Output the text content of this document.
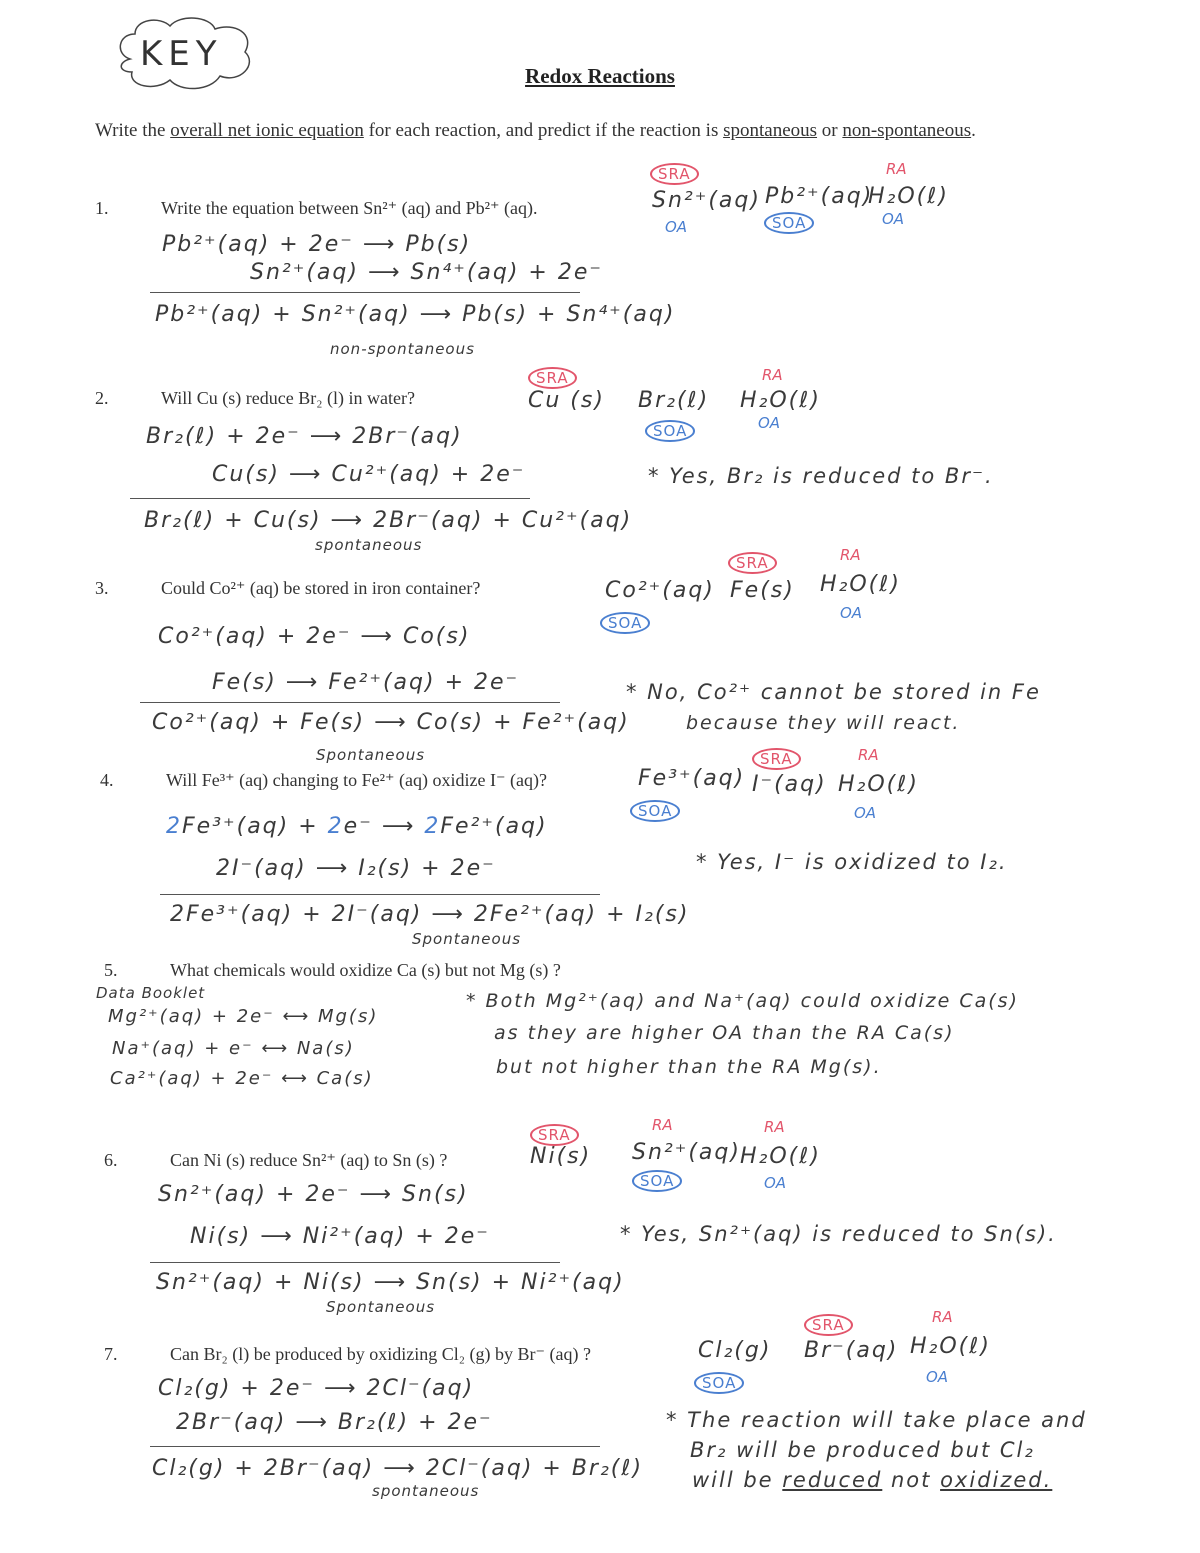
KEY
Redox Reactions
Write the overall net ionic equation for each reaction, and predict if the reaction is spontaneous or non-spontaneous.
1.	Write the equation between Sn²⁺ (aq) and Pb²⁺ (aq).
SRA
Sn²⁺(aq)
OA
Pb²⁺(aq)
SOA
RA
H₂O(ℓ)
OA
Pb²⁺(aq) + 2e⁻ ⟶ Pb(s)
Sn²⁺(aq) ⟶ Sn⁴⁺(aq) + 2e⁻
Pb²⁺(aq) + Sn²⁺(aq) ⟶ Pb(s) + Sn⁴⁺(aq)
non-spontaneous
2.	Will Cu (s) reduce Br₂ (l) in water?
SRA
Cu (s) Br₂(ℓ)
SOA
RA
H₂O(ℓ)
OA
Br₂(ℓ) + 2e⁻ ⟶ 2Br⁻(aq)
Cu(s) ⟶ Cu²⁺(aq) + 2e⁻
Br₂(ℓ) + Cu(s) ⟶ 2Br⁻(aq) + Cu²⁺(aq)
spontaneous
* Yes, Br₂ is reduced to Br⁻.
3.	Could Co²⁺ (aq) be stored in iron container?	Co²⁺(aq)
SOA
SRA
Fe(s)
RA
H₂O(ℓ)
OA
Co²⁺(aq) + 2e⁻ ⟶ Co(s)
Fe(s) ⟶ Fe²⁺(aq) + 2e⁻
Co²⁺(aq) + Fe(s) ⟶ Co(s) + Fe²⁺(aq)
Spontaneous
* No, Co²⁺ cannot be stored in Fe
because they will react.
4.	Will Fe³⁺ (aq) changing to Fe²⁺ (aq) oxidize I⁻ (aq)?	Fe³⁺(aq)
SOA
SRA
I⁻(aq)
RA
H₂O(ℓ)
OA
2Fe³⁺(aq) + 2e⁻ ⟶ 2Fe²⁺(aq)
2I⁻(aq) ⟶ I₂(s) + 2e⁻
2Fe³⁺(aq) + 2I⁻(aq) ⟶ 2Fe²⁺(aq) + I₂(s)
Spontaneous
* Yes, I⁻ is oxidized to I₂.
5.	What chemicals would oxidize Ca (s) but not Mg (s) ?
Data Booklet
Mg²⁺(aq) + 2e⁻ ⟷ Mg(s)
Na⁺(aq) + e⁻ ⟷ Na(s)
Ca²⁺(aq) + 2e⁻ ⟷ Ca(s)
* Both Mg²⁺(aq) and Na⁺(aq) could oxidize Ca(s)
as they are higher OA than the RA Ca(s)
but not higher than the RA Mg(s).
6.	Can Ni (s) reduce Sn²⁺ (aq) to Sn (s) ?
SRA
Ni(s)
RA
Sn²⁺(aq)
SOA
RA
H₂O(ℓ)
OA
Sn²⁺(aq) + 2e⁻ ⟶ Sn(s)
Ni(s) ⟶ Ni²⁺(aq) + 2e⁻
Sn²⁺(aq) + Ni(s) ⟶ Sn(s) + Ni²⁺(aq)
Spontaneous
* Yes, Sn²⁺(aq) is reduced to Sn(s).
7.	Can Br₂ (l) be produced by oxidizing Cl₂ (g) by Br⁻ (aq) ?	Cl₂(g)
SOA
SRA
Br⁻(aq)
RA
H₂O(ℓ)
OA
Cl₂(g) + 2e⁻ ⟶ 2Cl⁻(aq)
2Br⁻(aq) ⟶ Br₂(ℓ) + 2e⁻
Cl₂(g) + 2Br⁻(aq) ⟶ 2Cl⁻(aq) + Br₂(ℓ)
spontaneous
* The reaction will take place and
Br₂ will be produced but Cl₂
will be reduced not oxidized.
